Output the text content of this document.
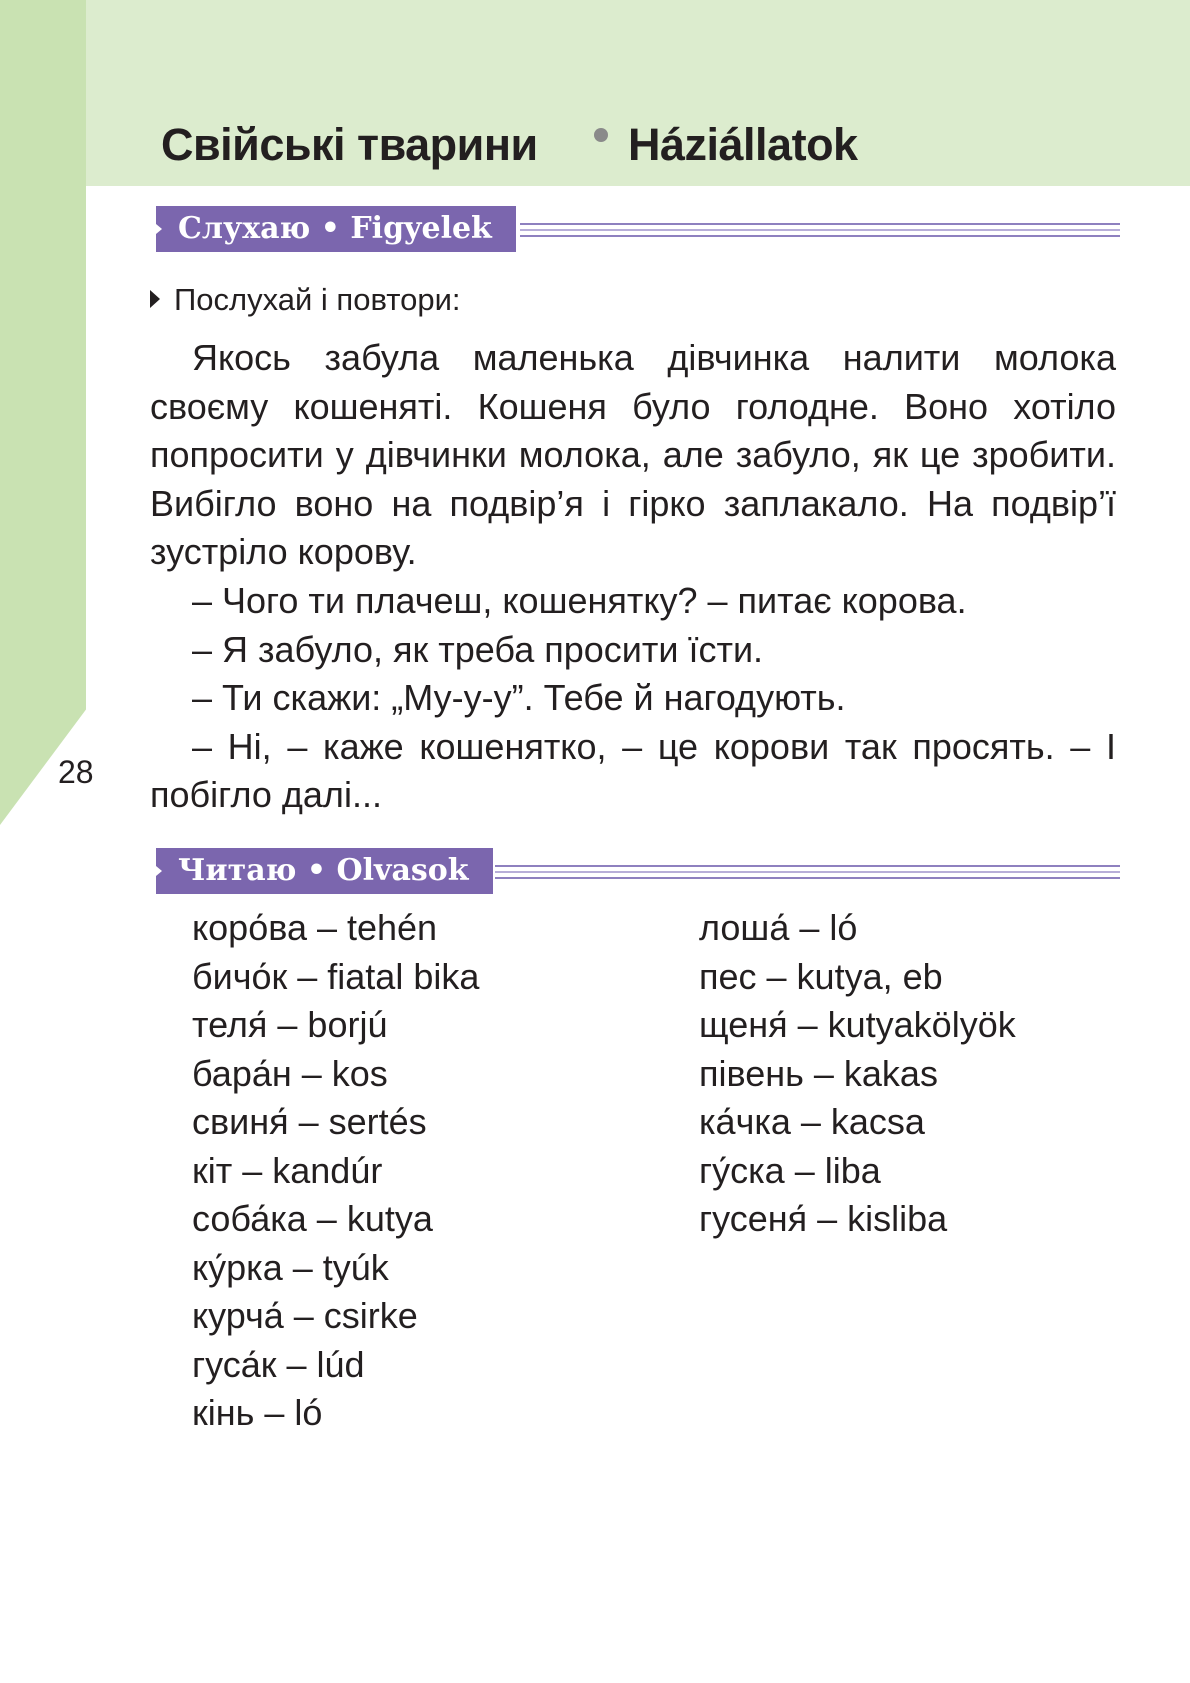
Свійські тварини Háziállatok
Слухаю • Figyelek
Послухай і повтори:

Якось забула маленька дівчинка налити молока своєму кошеняті. Кошеня було голодне. Воно хотіло попросити у дівчинки молока, але забуло, як це зробити. Вибігло воно на подвір’я і гірко заплакало. На подвір’ї зустріло корову.

– Чого ти плачеш, кошенятку? – питає корова.

– Я забуло, як треба просити їсти.

– Ти скажи: „Му-у-у”. Тебе й нагодують.

– Ні, – каже кошенятко, – це корови так просять. – І побігло далі...

28
Читаю • Olvasok
коро́ва – tehén
бичо́к – fiatal bika
теля́ – borjú
бара́н – kos
свиня́ – sertés
кіт – kandúr
соба́ка – kutya
ку́рка – tyúk
курча́ – csirke
гуса́к – lúd
кінь – ló
лоша́ – ló
пес – kutya, eb
щеня́ – kutyakölyök
півень – kakas
ка́чка – kacsa
гу́ска – liba
гусеня́ – kisliba
